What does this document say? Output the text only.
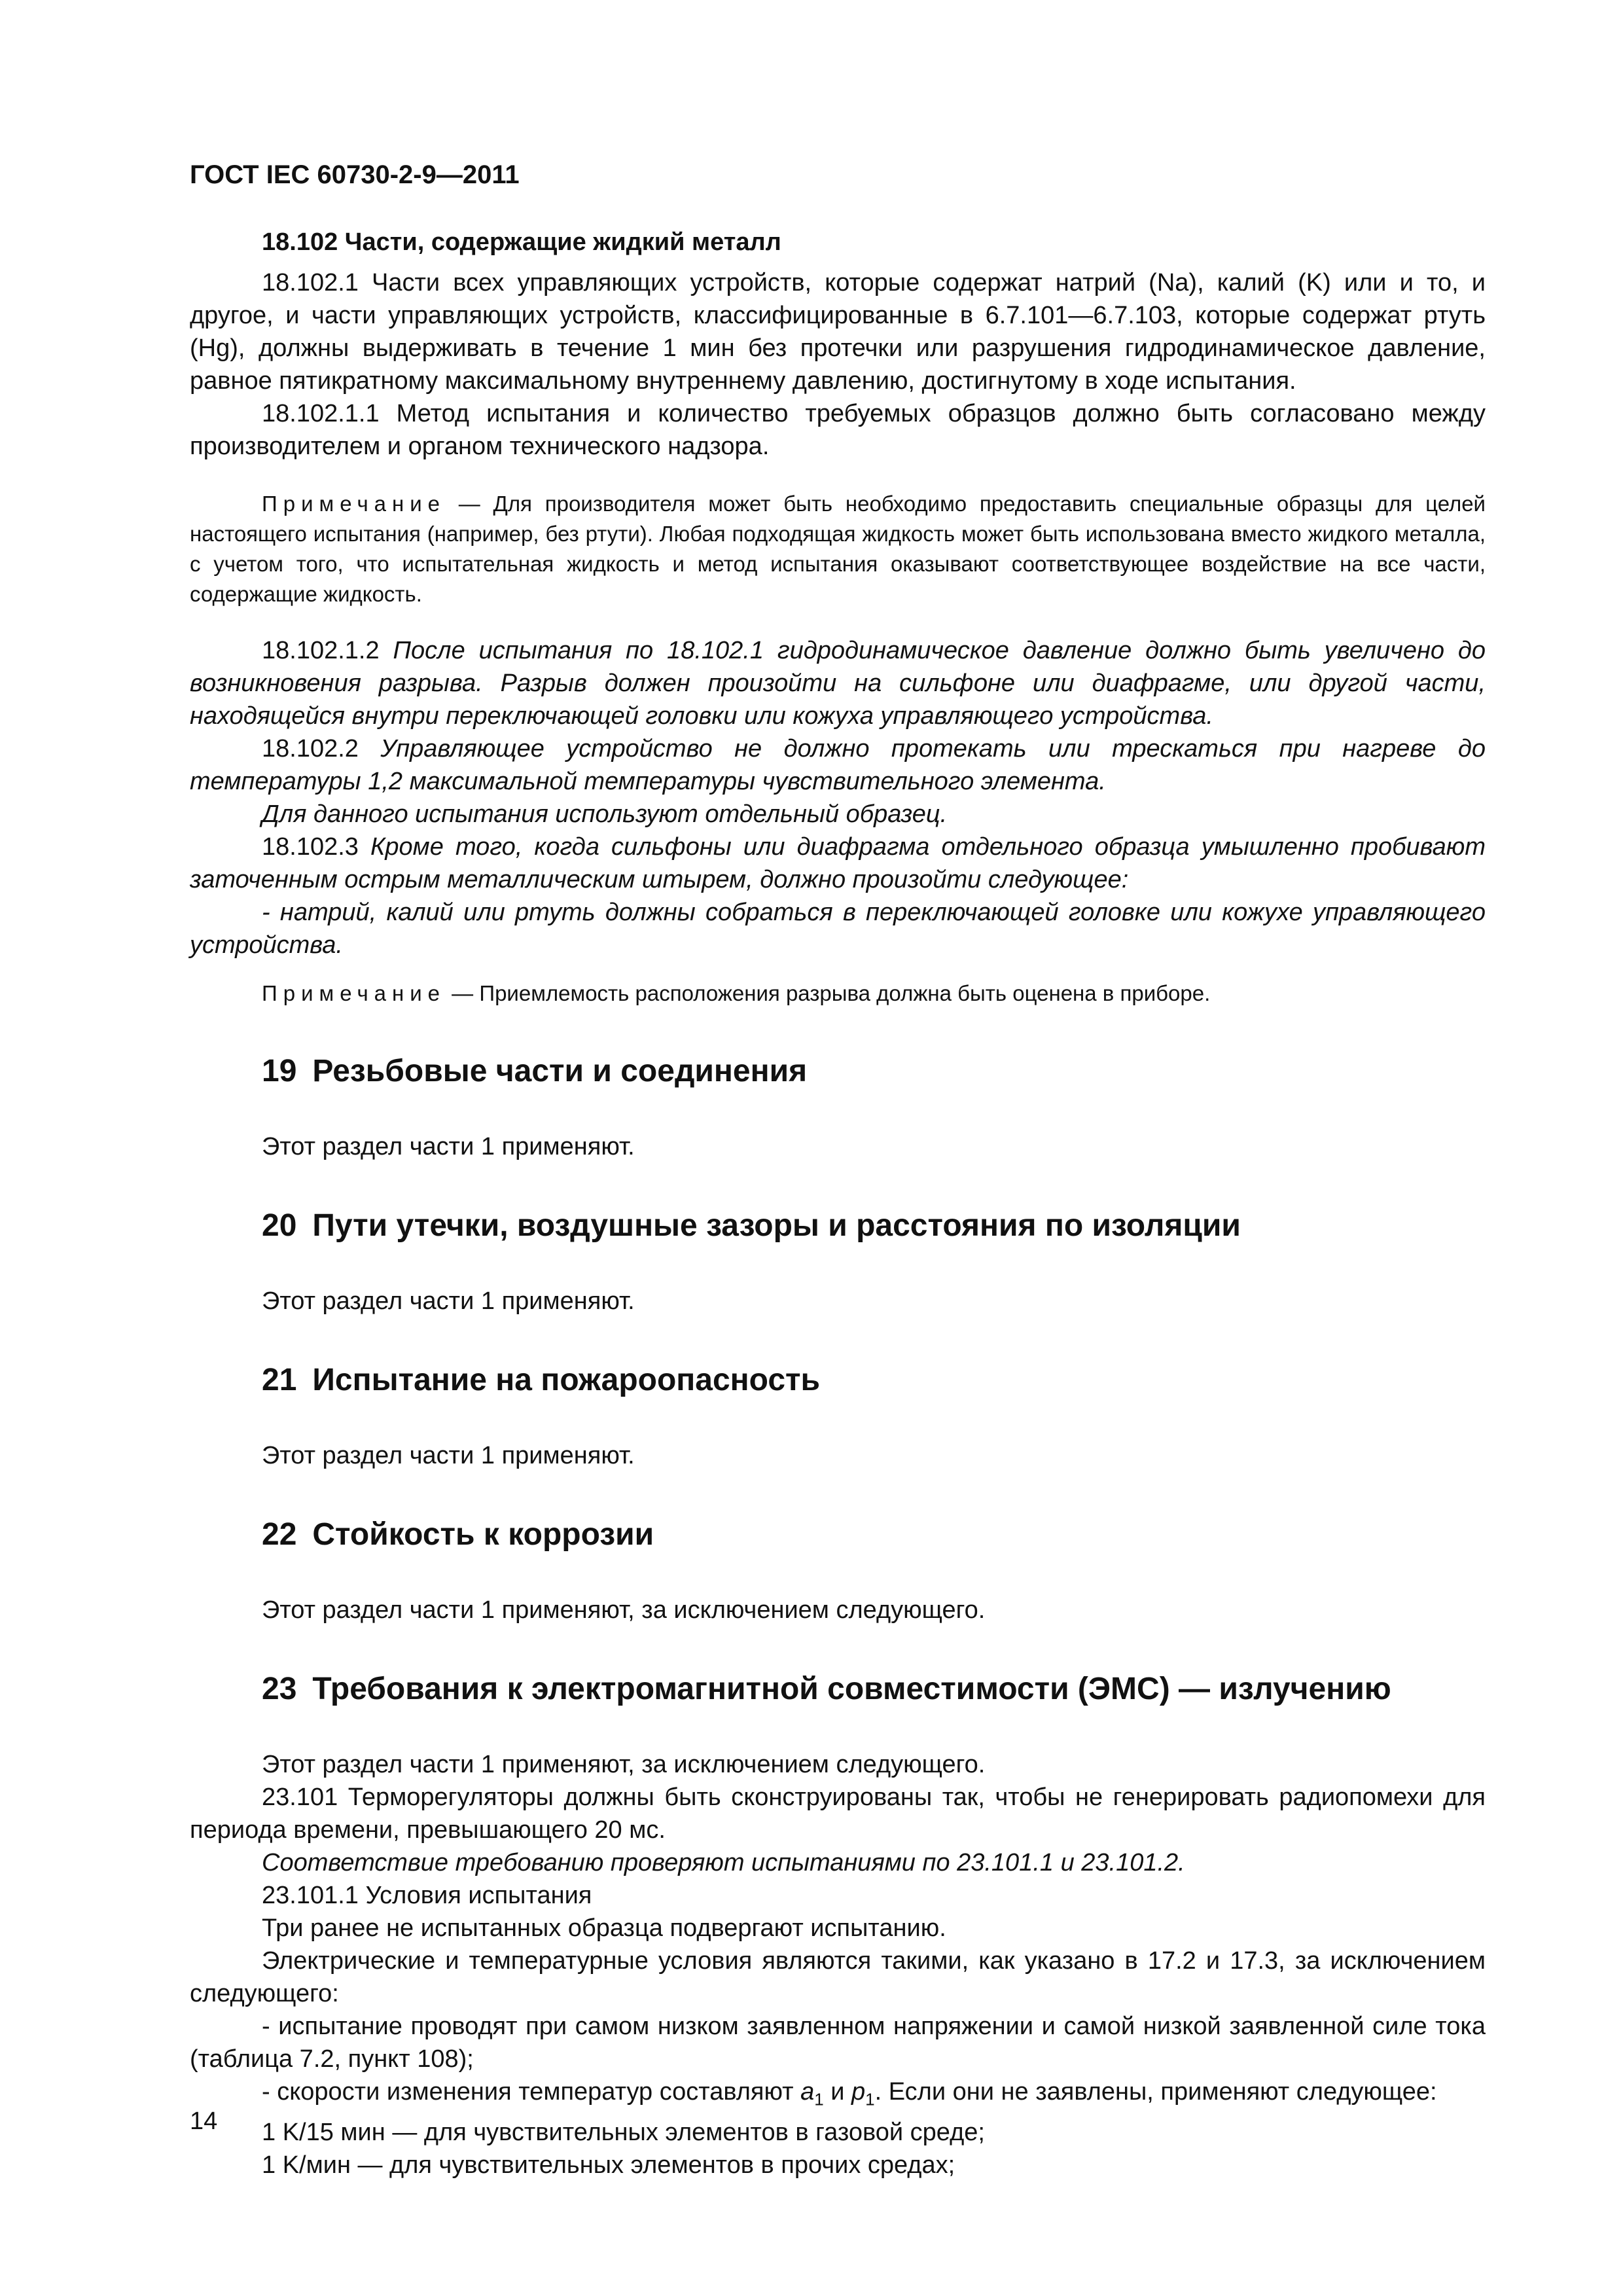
ГОСТ IEC 60730-2-9—2011

18.102 Части, содержащие жидкий металл

18.102.1 Части всех управляющих устройств, которые содержат натрий (Na), калий (K) или и то, и другое, и части управляющих устройств, классифицированные в 6.7.101—6.7.103, которые содержат ртуть (Hg), должны выдерживать в течение 1 мин без протечки или разрушения гидродинамическое давление, равное пятикратному максимальному внутреннему давлению, достигнутому в ходе испытания.

18.102.1.1 Метод испытания и количество требуемых образцов должно быть согласовано между производителем и органом технического надзора.

Примечание — Для производителя может быть необходимо предоставить специальные образцы для целей настоящего испытания (например, без ртути). Любая подходящая жидкость может быть использована вместо жидкого металла, с учетом того, что испытательная жидкость и метод испытания оказывают соответствующее воздействие на все части, содержащие жидкость.

18.102.1.2 После испытания по 18.102.1 гидродинамическое давление должно быть увеличено до возникновения разрыва. Разрыв должен произойти на сильфоне или диафрагме, или другой части, находящейся внутри переключающей головки или кожуха управляющего устройства.

18.102.2 Управляющее устройство не должно протекать или трескаться при нагреве до температуры 1,2 максимальной температуры чувствительного элемента.

Для данного испытания используют отдельный образец.

18.102.3 Кроме того, когда сильфоны или диафрагма отдельного образца умышленно пробивают заточенным острым металлическим штырем, должно произойти следующее:

- натрий, калий или ртуть должны собраться в переключающей головке или кожухе управляющего устройства.

Примечание — Приемлемость расположения разрыва должна быть оценена в приборе.

19 Резьбовые части и соединения

Этот раздел части 1 применяют.

20 Пути утечки, воздушные зазоры и расстояния по изоляции

Этот раздел части 1 применяют.

21 Испытание на пожароопасность

Этот раздел части 1 применяют.

22 Стойкость к коррозии

Этот раздел части 1 применяют, за исключением следующего.

23 Требования к электромагнитной совместимости (ЭМС) — излучению

Этот раздел части 1 применяют, за исключением следующего.

23.101 Терморегуляторы должны быть сконструированы так, чтобы не генерировать радиопомехи для периода времени, превышающего 20 мс.

Соответствие требованию проверяют испытаниями по 23.101.1 и 23.101.2.

23.101.1 Условия испытания

Три ранее не испытанных образца подвергают испытанию.

Электрические и температурные условия являются такими, как указано в 17.2 и 17.3, за исключением следующего:

- испытание проводят при самом низком заявленном напряжении и самой низкой заявленной силе тока (таблица 7.2, пункт 108);

- скорости изменения температур составляют $a_1$ и $p_1$. Если они не заявлены, применяют следующее:

1 K/15 мин — для чувствительных элементов в газовой среде;

1 K/мин — для чувствительных элементов в прочих средах;

14
